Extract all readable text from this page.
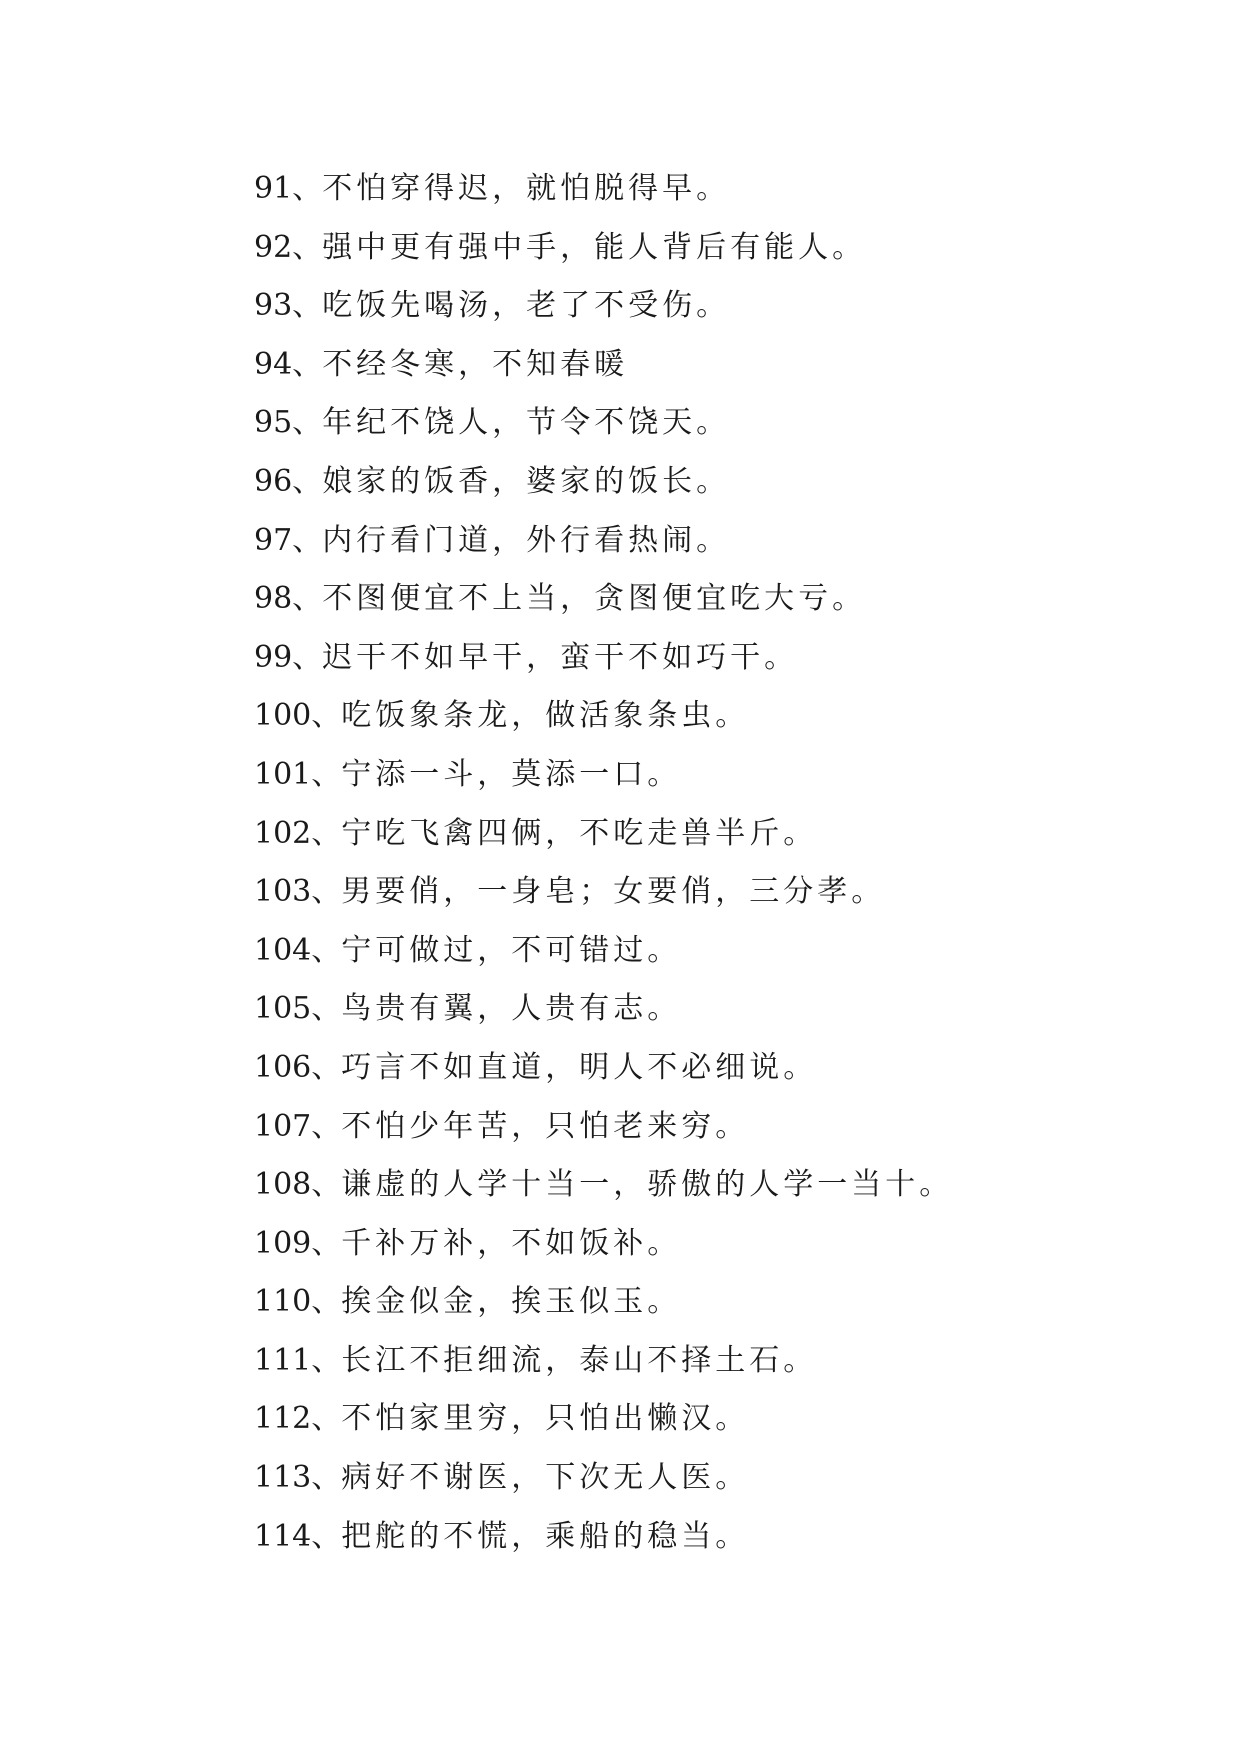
91、不怕穿得迟，就怕脱得早。
92、强中更有强中手，能人背后有能人。
93、吃饭先喝汤，老了不受伤。
94、不经冬寒，不知春暖
95、年纪不饶人，节令不饶天。
96、娘家的饭香，婆家的饭长。
97、内行看门道，外行看热闹。
98、不图便宜不上当，贪图便宜吃大亏。
99、迟干不如早干，蛮干不如巧干。
100、吃饭象条龙，做活象条虫。
101、宁添一斗，莫添一口。
102、宁吃飞禽四俩，不吃走兽半斤。
103、男要俏，一身皂；女要俏，三分孝。
104、宁可做过，不可错过。
105、鸟贵有翼，人贵有志。
106、巧言不如直道，明人不必细说。
107、不怕少年苦，只怕老来穷。
108、谦虚的人学十当一，骄傲的人学一当十。
109、千补万补，不如饭补。
110、挨金似金，挨玉似玉。
111、长江不拒细流，泰山不择土石。
112、不怕家里穷，只怕出懒汉。
113、病好不谢医，下次无人医。
114、把舵的不慌，乘船的稳当。
